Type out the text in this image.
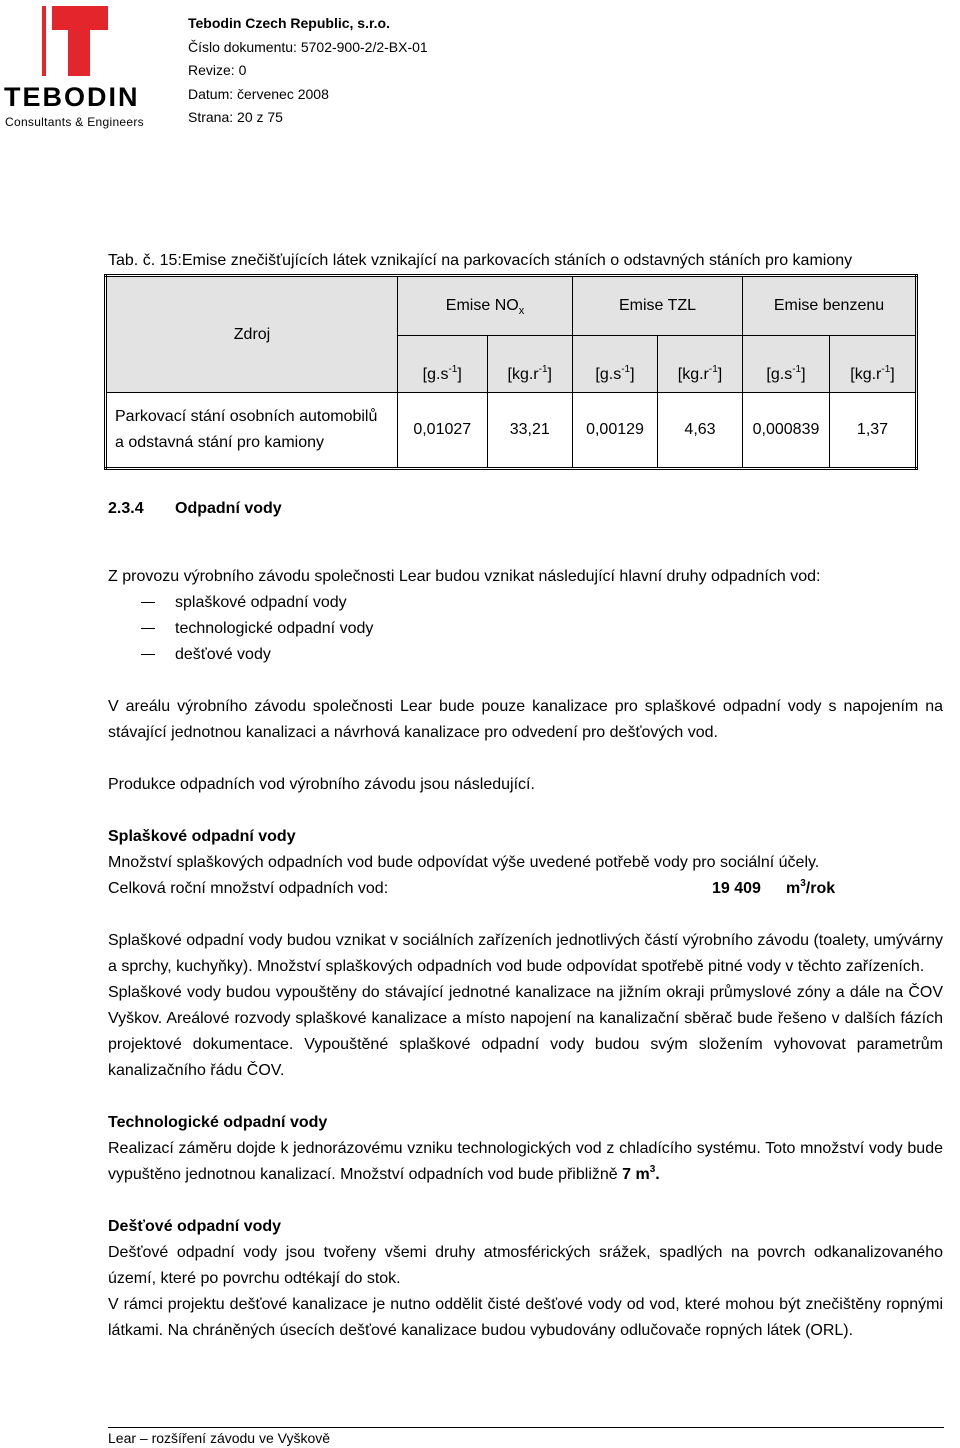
TEBODIN
Consultants & Engineers
Tebodin Czech Republic, s.r.o.
Číslo dokumentu: 5702-900-2/2-BX-01
Revize: 0
Datum: červenec 2008
Strana: 20 z 75
Tab. č. 15:Emise znečišťujících látek vznikající na parkovacích stáních o odstavných stáních pro kamiony
Zdroj	Emise $NO_x$		Emise TZL		Emise benzenu	
	$[g.s^{-1}]$	$[kg.r^{-1}]$	$[g.s^{-1}]$	$[kg.r^{-1}]$	$[g.s^{-1}]$	$[kg.r^{-1}]$

Parkovací stání osobních automobilů
a odstavná stání pro kamiony	0,01027	33,21	0,00129	4,63	0,000839	1,37
2.3.4 Odpadní vody

Z provozu výrobního závodu společnosti Lear budou vznikat následující hlavní druhy odpadních vod:

splaškové odpadní vody
technologické odpadní vody
dešťové vody

V areálu výrobního závodu společnosti Lear bude pouze kanalizace pro splaškové odpadní vody s napojením na stávající jednotnou kanalizaci a návrhová kanalizace pro odvedení pro dešťových vod.

Produkce odpadních vod výrobního závodu jsou následující.

Splaškové odpadní vody

Množství splaškových odpadních vod bude odpovídat výše uvedené potřebě vody pro sociální účely.

Celková roční množství odpadních vod:	19 409 $m^3$/rok

Splaškové odpadní vody budou vznikat v sociálních zařízeních jednotlivých částí výrobního závodu (toalety, umývárny a sprchy, kuchyňky). Množství splaškových odpadních vod bude odpovídat spotřebě pitné vody v těchto zařízeních.

Splaškové vody budou vypouštěny do stávající jednotné kanalizace na jižním okraji průmyslové zóny a dále na ČOV Vyškov. Areálové rozvody splaškové kanalizace a místo napojení na kanalizační sběrač bude řešeno v dalších fázích projektové dokumentace. Vypouštěné splaškové odpadní vody budou svým složením vyhovovat parametrům kanalizačního řádu ČOV.

Technologické odpadní vody

Realizací záměru dojde k jednorázovému vzniku technologických vod z chladícího systému. Toto množství vody bude vypuštěno jednotnou kanalizací. Množství odpadních vod bude přibližně 7 $m^3$.

Dešťové odpadní vody

Dešťové odpadní vody jsou tvořeny všemi druhy atmosférických srážek, spadlých na povrch odkanalizovaného území, které po povrchu odtékají do stok.

V rámci projektu dešťové kanalizace je nutno oddělit čisté dešťové vody od vod, které mohou být znečištěny ropnými látkami. Na chráněných úsecích dešťové kanalizace budou vybudovány odlučovače ropných látek (ORL).

Lear – rozšíření závodu ve Vyškově
